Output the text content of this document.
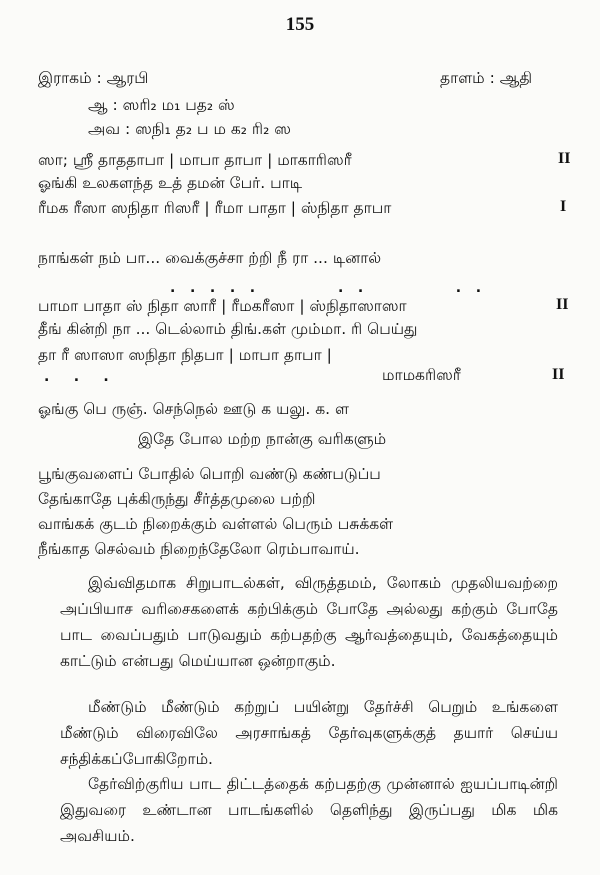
155
இராகம் : ஆரபி	தாளம் : ஆதி
ஆ : ஸரி₂ ம₁ பத₂ ஸ்
அவ : ஸநி₁ த₂ ப ம க₂ ரி₂ ஸ
ஸா; ஸ்ரீ தாததாபா | மாபா தாபா | மாகாரிஸரீ	II
ஓங்கி உலகளந்த உத் தமன் பேர். பாடி
ரீமக ரீஸா ஸநிதா ரிஸரீ | ரீமா பாதா | ஸ்நிதா தாபா	I
நாங்கள் நம் பா... வைக்குச்சா ற்றி நீ ரா ... டினால்
.   .   .   .   .                 .   .                   .   .
பாமா பாதா ஸ் நிதா ஸாரீ | ரீமகரீஸா | ஸ்நிதாஸாஸா	II
தீங் கின்றி நா ... டெல்லாம் திங்.கள் மும்மா. ரி பெய்து
தா ரீ ஸாஸா ஸநிதா நிதபா | மாபா தாபா |
.     .     .	மாமகரிஸரீ	II
ஓங்கு பெ ருஞ். செந்நெல் ஊடு க யலு. க. ள
இதே போல மற்ற நான்கு வரிகளும்
பூங்குவளைப் போதில் பொறி வண்டு கண்படுப்ப
தேங்காதே புக்கிருந்து சீர்த்தமுலை பற்றி
வாங்கக் குடம் நிறைக்கும் வள்ளல் பெரும் பசுக்கள்
நீங்காத செல்வம் நிறைந்தேலோ ரெம்பாவாய்.
இவ்விதமாக சிறுபாடல்கள், விருத்தமம், லோகம் முதலியவற்றை அப்பியாச வரிசைகளைக் கற்பிக்கும் போதே அல்லது கற்கும் போதே பாட வைப்பதும் பாடுவதும் கற்பதற்கு ஆர்வத்தையும், வேகத்தையும் காட்டும் என்பது மெய்யான ஒன்றாகும்.
மீண்டும் மீண்டும் கற்றுப் பயின்று தேர்ச்சி பெறும் உங்களை மீண்டும் விரைவிலே அரசாங்கத் தேர்வுகளுக்குத் தயார் செய்ய சந்திக்கப்போகிறோம்.
தேர்விற்குரிய பாட திட்டத்தைக் கற்பதற்கு முன்னால் ஐயப்பாடின்றி இதுவரை உண்டான பாடங்களில் தெளிந்து இருப்பது மிக மிக அவசியம்.
